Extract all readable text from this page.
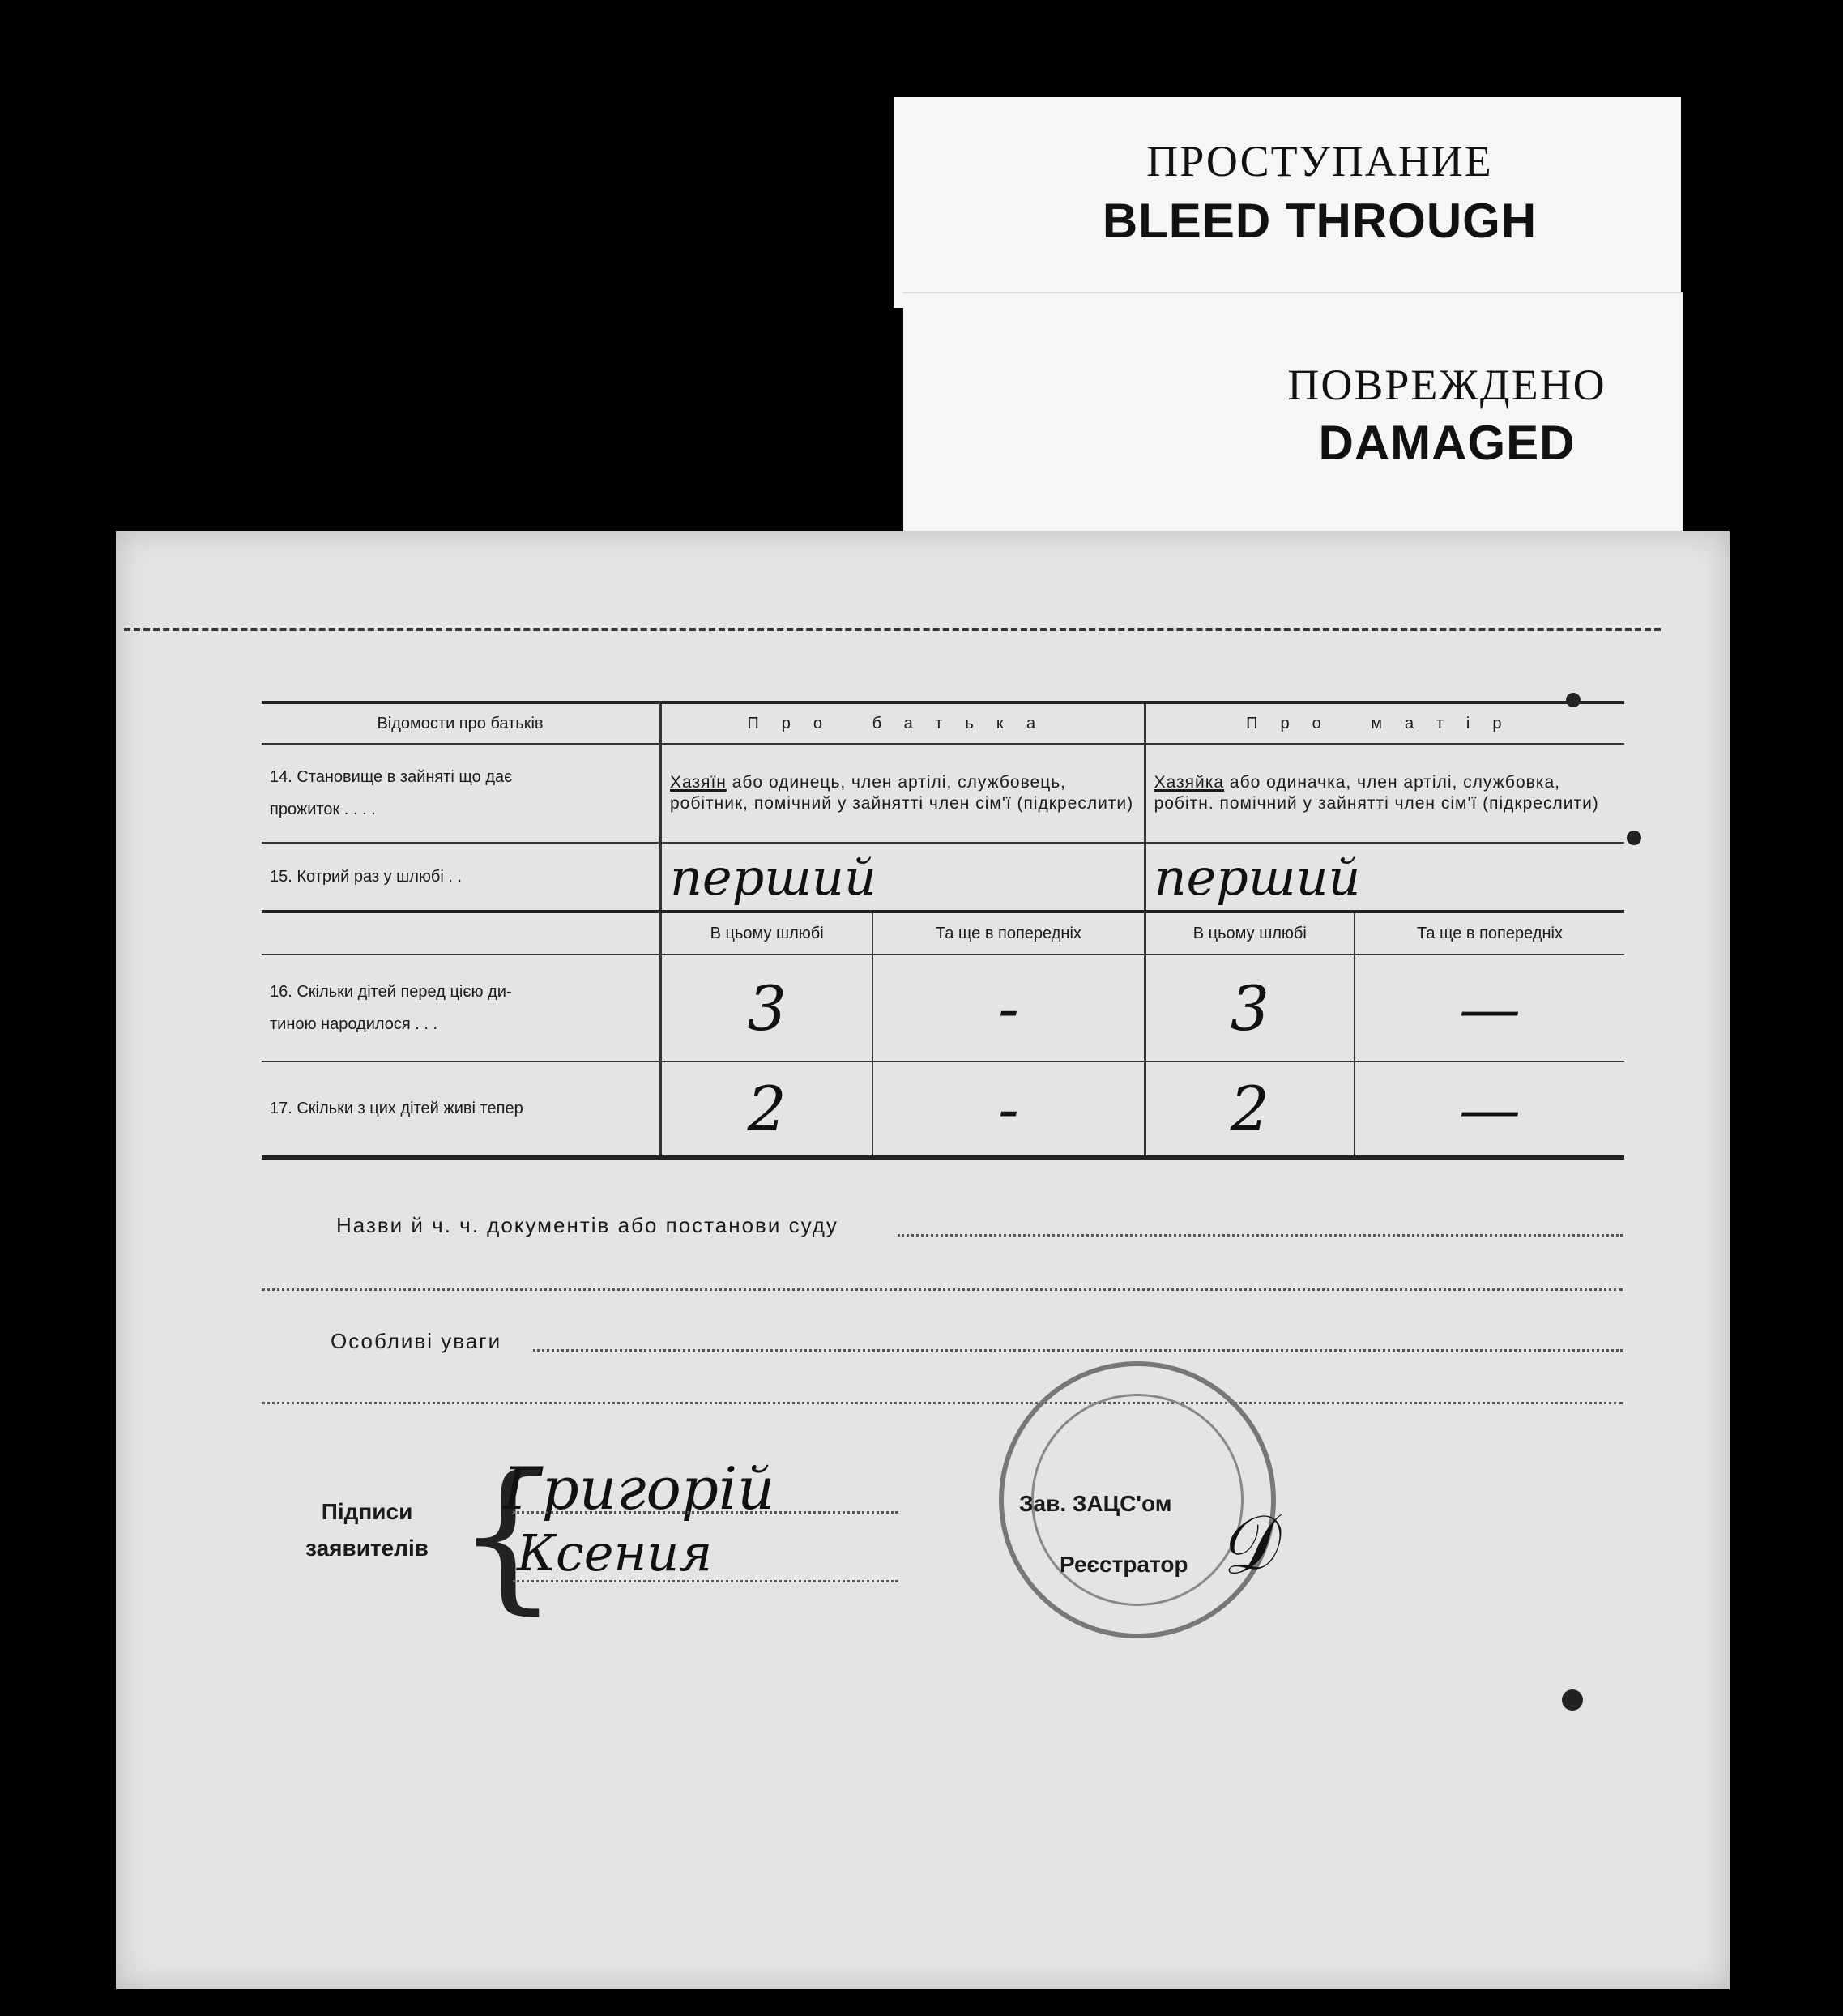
ПРОСТУПАНИЕ
BLEED THROUGH
ПОВРЕЖДЕНО
DAMAGED
Відомости про батьків	Про батька		Про матір	

14. Становище в зайняті що дає
прожиток . . . .	Хазяїн або одинець, член артілі, службовець, робітник, помічний у зайнятті член сім'ї (підкреслити)		Хазяйка або одиначка, член артілі, службовка, робітн. помічний у зайнятті член сім'ї (підкреслити)	
15. Котрий раз у шлюбі . .	перший		перший	
	В цьому шлюбі	Та ще в попередніх	В цьому шлюбі	Та ще в попередніх

16. Скільки дітей перед цією ди-
тиною народилося . . .	3	-	3	—
17. Скільки з цих дітей живі тепер	2	-	2	—
Назви й ч. ч. документів або постанови суду
Особливі уваги
Підписи
заявителів {
Григорій
Ксения
Зав. ЗАЦС'ом
Реєстратор 𝒟
